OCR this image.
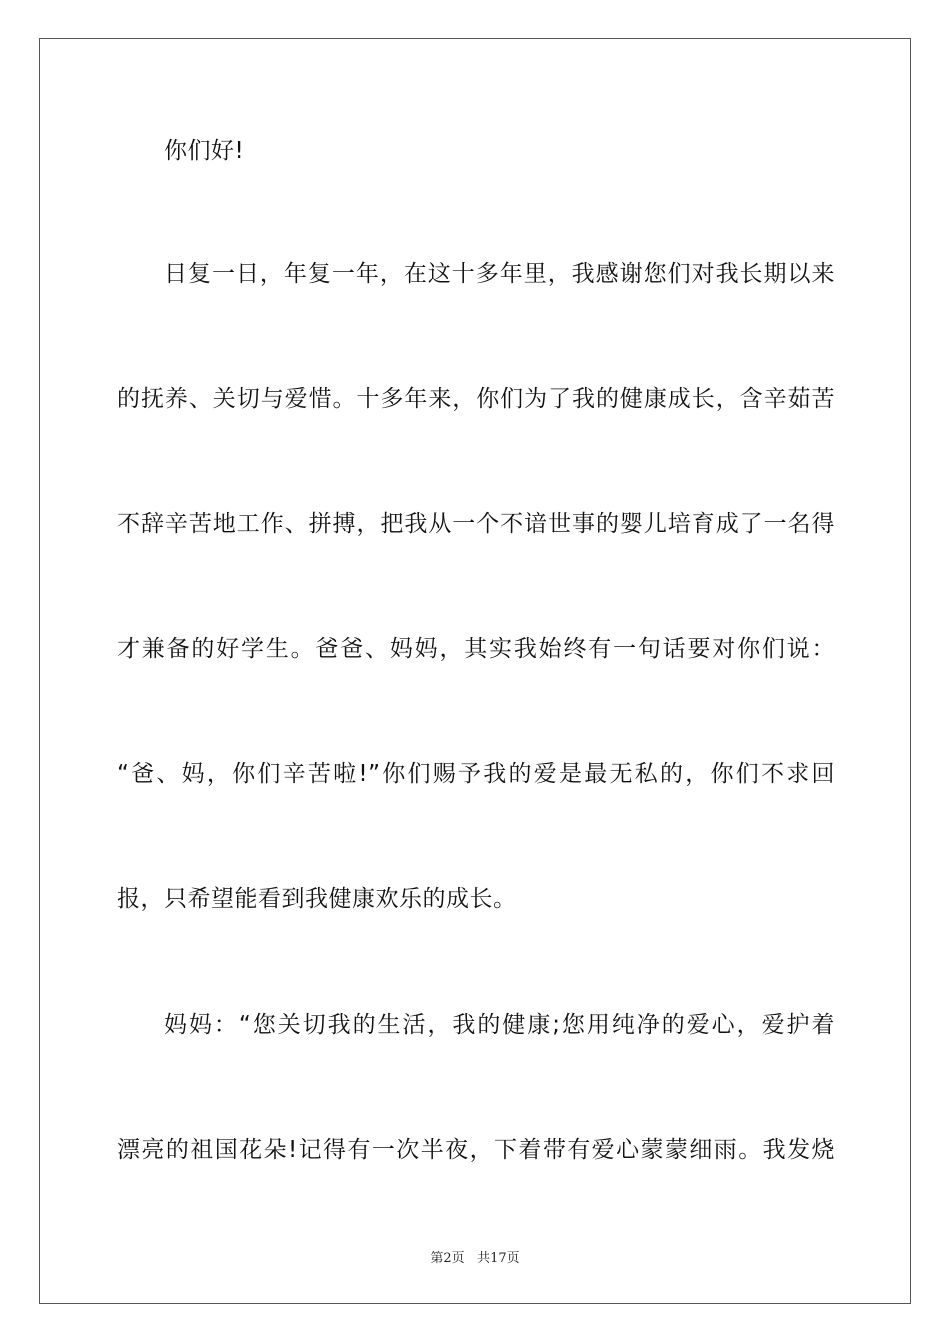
你们好!
日复一日，年复一年，在这十多年里，我感谢您们对我长期以来
的抚养、关切与爱惜。十多年来，你们为了我的健康成长，含辛茹苦
不辞辛苦地工作、拼搏，把我从一个不谙世事的婴儿培育成了一名得
才兼备的好学生。爸爸、妈妈，其实我始终有一句话要对你们说：
“爸、妈，你们辛苦啦!”你们赐予我的爱是最无私的，你们不求回
报，只希望能看到我健康欢乐的成长。
妈妈：“您关切我的生活，我的健康;您用纯净的爱心，爱护着
漂亮的祖国花朵!记得有一次半夜，下着带有爱心蒙蒙细雨。我发烧
第2页 共17页
